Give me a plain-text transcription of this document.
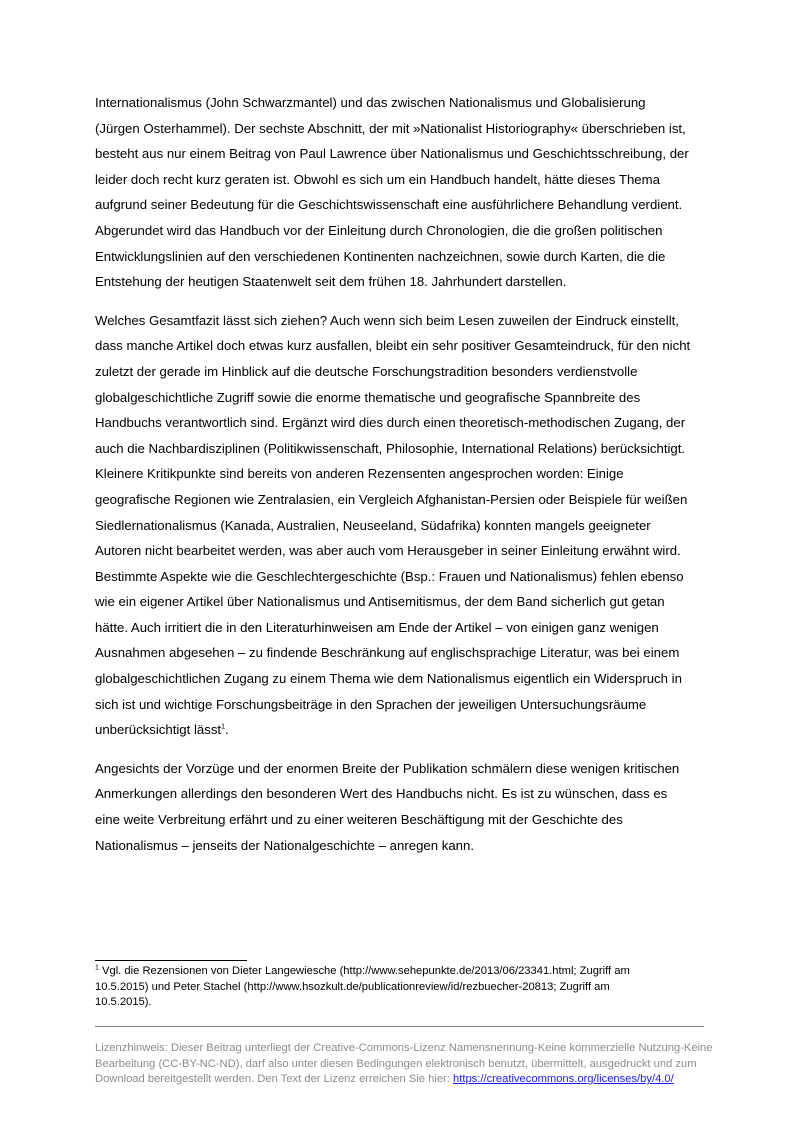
Internationalismus (John Schwarzmantel) und das zwischen Nationalismus und Globalisierung
(Jürgen Osterhammel). Der sechste Abschnitt, der mit »Nationalist Historiography« überschrieben ist,
besteht aus nur einem Beitrag von Paul Lawrence über Nationalismus und Geschichtsschreibung, der
leider doch recht kurz geraten ist. Obwohl es sich um ein Handbuch handelt, hätte dieses Thema
aufgrund seiner Bedeutung für die Geschichtswissenschaft eine ausführlichere Behandlung verdient.
Abgerundet wird das Handbuch vor der Einleitung durch Chronologien, die die großen politischen
Entwicklungslinien auf den verschiedenen Kontinenten nachzeichnen, sowie durch Karten, die die
Entstehung der heutigen Staatenwelt seit dem frühen 18. Jahrhundert darstellen.

Welches Gesamtfazit lässt sich ziehen? Auch wenn sich beim Lesen zuweilen der Eindruck einstellt,
dass manche Artikel doch etwas kurz ausfallen, bleibt ein sehr positiver Gesamteindruck, für den nicht
zuletzt der gerade im Hinblick auf die deutsche Forschungstradition besonders verdienstvolle
globalgeschichtliche Zugriff sowie die enorme thematische und geografische Spannbreite des
Handbuchs verantwortlich sind. Ergänzt wird dies durch einen theoretisch-methodischen Zugang, der
auch die Nachbardisziplinen (Politikwissenschaft, Philosophie, International Relations) berücksichtigt.
Kleinere Kritikpunkte sind bereits von anderen Rezensenten angesprochen worden: Einige
geografische Regionen wie Zentralasien, ein Vergleich Afghanistan-Persien oder Beispiele für weißen
Siedlernationalismus (Kanada, Australien, Neuseeland, Südafrika) konnten mangels geeigneter
Autoren nicht bearbeitet werden, was aber auch vom Herausgeber in seiner Einleitung erwähnt wird.
Bestimmte Aspekte wie die Geschlechtergeschichte (Bsp.: Frauen und Nationalismus) fehlen ebenso
wie ein eigener Artikel über Nationalismus und Antisemitismus, der dem Band sicherlich gut getan
hätte. Auch irritiert die in den Literaturhinweisen am Ende der Artikel – von einigen ganz wenigen
Ausnahmen abgesehen – zu findende Beschränkung auf englischsprachige Literatur, was bei einem
globalgeschichtlichen Zugang zu einem Thema wie dem Nationalismus eigentlich ein Widerspruch in
sich ist und wichtige Forschungsbeiträge in den Sprachen der jeweiligen Untersuchungsräume
unberücksichtigt lässt$^1$.

Angesichts der Vorzüge und der enormen Breite der Publikation schmälern diese wenigen kritischen
Anmerkungen allerdings den besonderen Wert des Handbuchs nicht. Es ist zu wünschen, dass es
eine weite Verbreitung erfährt und zu einer weiteren Beschäftigung mit der Geschichte des
Nationalismus – jenseits der Nationalgeschichte – anregen kann.

$^1$ Vgl. die Rezensionen von Dieter Langewiesche (http://www.sehepunkte.de/2013/06/23341.html; Zugriff am
10.5.2015) und Peter Stachel (http://www.hsozkult.de/publicationreview/id/rezbuecher-20813; Zugriff am
10.5.2015).
Lizenzhinweis: Dieser Beitrag unterliegt der Creative-Commons-Lizenz Namensnennung-Keine kommerzielle Nutzung-Keine
Bearbeitung (CC-BY-NC-ND), darf also unter diesen Bedingungen elektronisch benutzt, übermittelt, ausgedruckt und zum
Download bereitgestellt werden. Den Text der Lizenz erreichen Sie hier: https://creativecommons.org/licenses/by/4.0/
